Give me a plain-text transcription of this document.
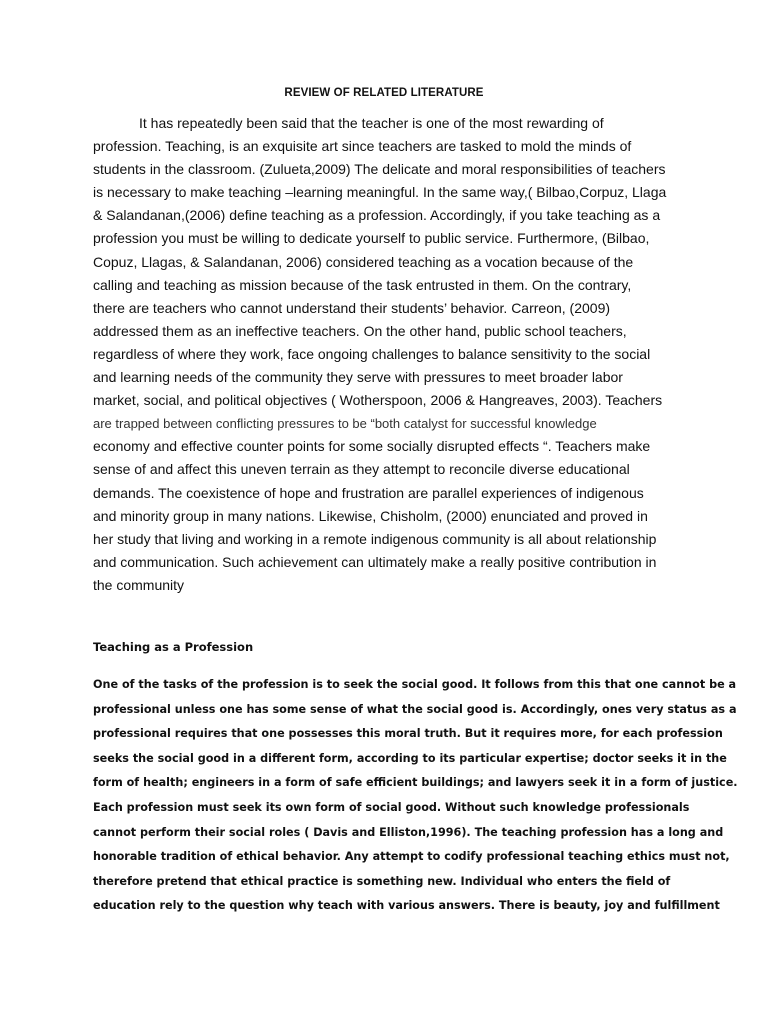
REVIEW OF RELATED LITERATURE
It has repeatedly been said that the teacher is one of the most rewarding of
profession. Teaching, is an exquisite art since teachers are tasked to mold the minds of
students in the classroom. (Zulueta,2009) The delicate and moral responsibilities of teachers
is necessary to make teaching –learning meaningful. In the same way,( Bilbao,Corpuz, Llaga
& Salandanan,(2006) define teaching as a profession. Accordingly, if you take teaching as a
profession you must be willing to dedicate yourself to public service. Furthermore, (Bilbao,
Copuz, Llagas, & Salandanan, 2006) considered teaching as a vocation because of the
calling and teaching as mission because of the task entrusted in them. On the contrary,
there are teachers who cannot understand their students’ behavior. Carreon, (2009)
addressed them as an ineffective teachers. On the other hand, public school teachers,
regardless of where they work, face ongoing challenges to balance sensitivity to the social
and learning needs of the community they serve with pressures to meet broader labor
market, social, and political objectives ( Wotherspoon, 2006 & Hangreaves, 2003). Teachers
are trapped between conflicting pressures to be “both catalyst for successful knowledge
economy and effective counter points for some socially disrupted effects “. Teachers make
sense of and affect this uneven terrain as they attempt to reconcile diverse educational
demands. The coexistence of hope and frustration are parallel experiences of indigenous
and minority group in many nations. Likewise, Chisholm, (2000) enunciated and proved in
her study that living and working in a remote indigenous community is all about relationship
and communication. Such achievement can ultimately make a really positive contribution in
the community
Teaching as a Profession
One of the tasks of the profession is to seek the social good. It follows from this that one cannot be a
professional unless one has some sense of what the social good is. Accordingly, ones very status as a
professional requires that one possesses this moral truth. But it requires more, for each profession
seeks the social good in a different form, according to its particular expertise; doctor seeks it in the
form of health; engineers in a form of safe efficient buildings; and lawyers seek it in a form of justice.
Each profession must seek its own form of social good. Without such knowledge professionals
cannot perform their social roles ( Davis and Elliston,1996). The teaching profession has a long and
honorable tradition of ethical behavior. Any attempt to codify professional teaching ethics must not,
therefore pretend that ethical practice is something new. Individual who enters the field of
education rely to the question why teach with various answers. There is beauty, joy and fulfillment
